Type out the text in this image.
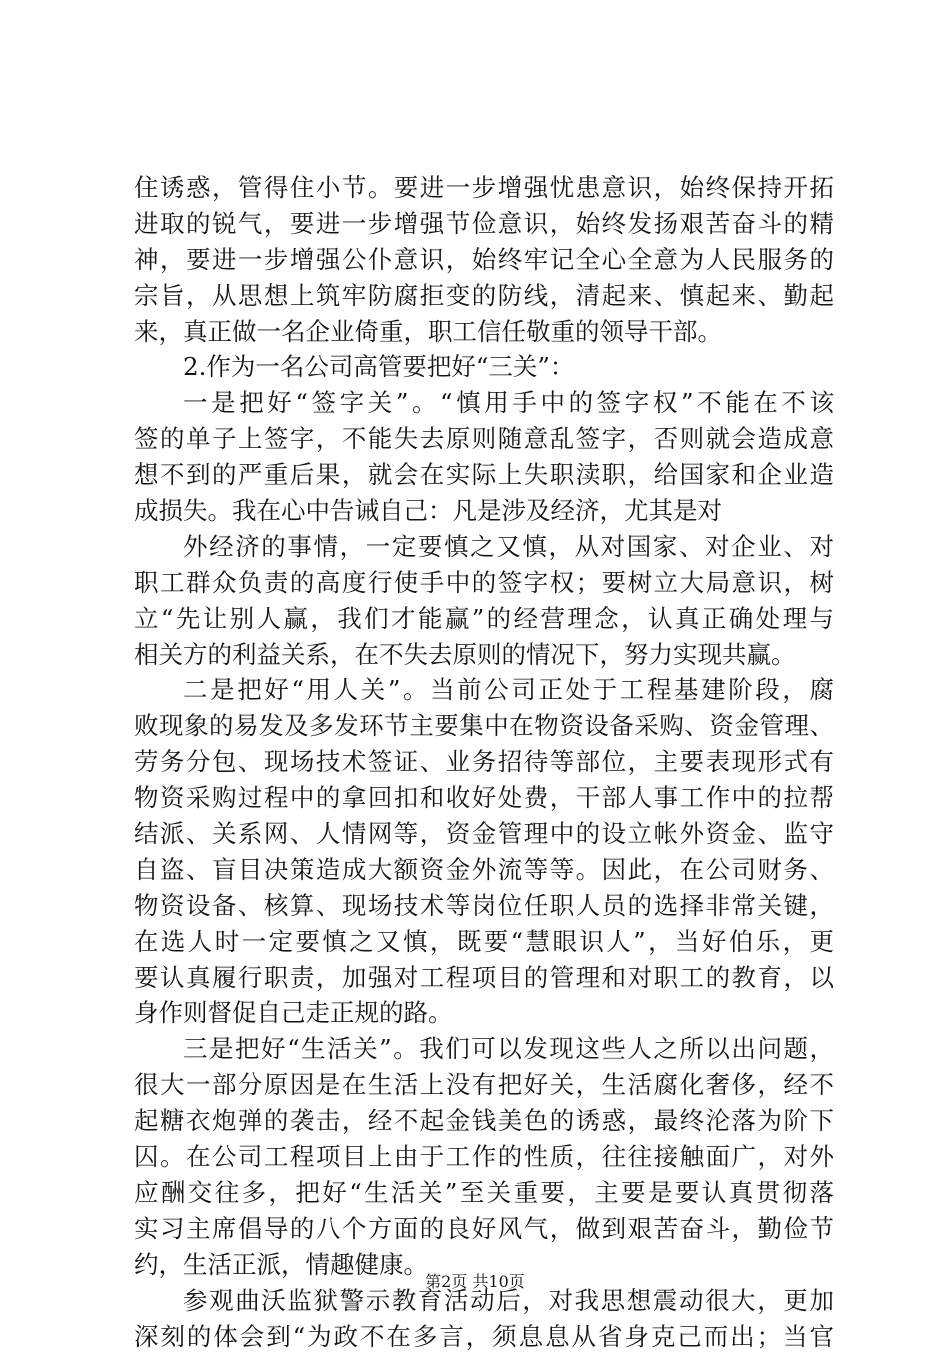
住诱惑，管得住小节。要进一步增强忧患意识，始终保持开拓
进取的锐气，要进一步增强节俭意识，始终发扬艰苦奋斗的精
神，要进一步增强公仆意识，始终牢记全心全意为人民服务的
宗旨，从思想上筑牢防腐拒变的防线，清起来、慎起来、勤起
来，真正做一名企业倚重，职工信任敬重的领导干部。
2.作为一名公司高管要把好“三关”：
一是把好“签字关”。“慎用手中的签字权”不能在不该
签的单子上签字，不能失去原则随意乱签字，否则就会造成意
想不到的严重后果，就会在实际上失职渎职，给国家和企业造
成损失。我在心中告诫自己：凡是涉及经济，尤其是对
外经济的事情，一定要慎之又慎，从对国家、对企业、对
职工群众负责的高度行使手中的签字权；要树立大局意识，树
立“先让别人赢，我们才能赢”的经营理念，认真正确处理与
相关方的利益关系，在不失去原则的情况下，努力实现共赢。
二是把好“用人关”。当前公司正处于工程基建阶段，腐
败现象的易发及多发环节主要集中在物资设备采购、资金管理、
劳务分包、现场技术签证、业务招待等部位，主要表现形式有
物资采购过程中的拿回扣和收好处费，干部人事工作中的拉帮
结派、关系网、人情网等，资金管理中的设立帐外资金、监守
自盗、盲目决策造成大额资金外流等等。因此，在公司财务、
物资设备、核算、现场技术等岗位任职人员的选择非常关键，
在选人时一定要慎之又慎，既要“慧眼识人”，当好伯乐，更
要认真履行职责，加强对工程项目的管理和对职工的教育，以
身作则督促自己走正规的路。
三是把好“生活关”。我们可以发现这些人之所以出问题，
很大一部分原因是在生活上没有把好关，生活腐化奢侈，经不
起糖衣炮弹的袭击，经不起金钱美色的诱惑，最终沦落为阶下
囚。在公司工程项目上由于工作的性质，往往接触面广，对外
应酬交往多，把好“生活关”至关重要，主要是要认真贯彻落
实习主席倡导的八个方面的良好风气，做到艰苦奋斗，勤俭节
约，生活正派，情趣健康。
参观曲沃监狱警示教育活动后，对我思想震动很大，更加
深刻的体会到“为政不在多言，须息息从省身克己而出；当官
第2页 共10页
